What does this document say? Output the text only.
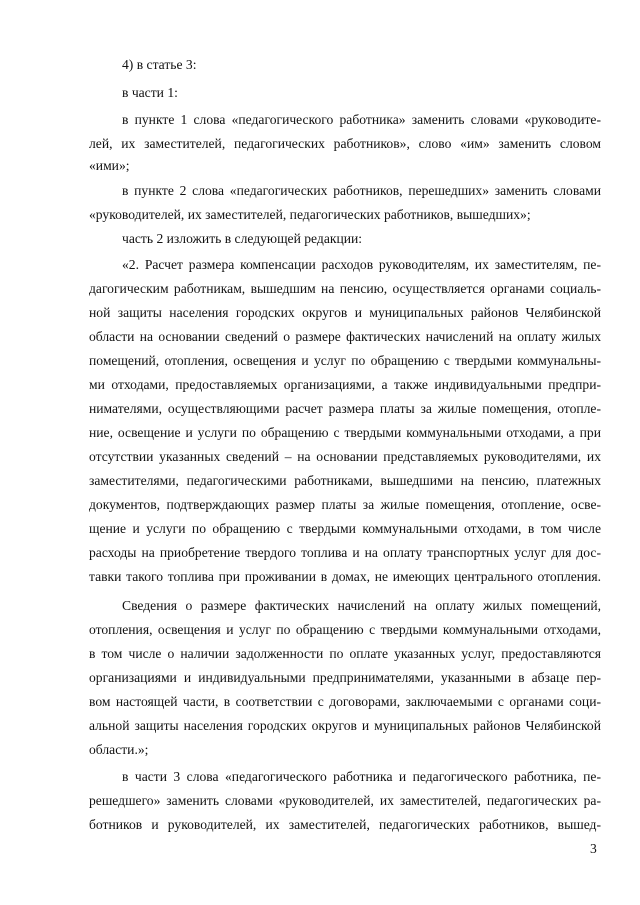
4) в статье 3:
в части 1:
в пункте 1 слова «педагогического работника» заменить словами «руководите-
лей, их заместителей, педагогических работников», слово «им» заменить словом
«ими»;
в пункте 2 слова «педагогических работников, перешедших» заменить словами
«руководителей, их заместителей, педагогических работников, вышедших»;
часть 2 изложить в следующей редакции:
«2. Расчет размера компенсации расходов руководителям, их заместителям, пе-
дагогическим работникам, вышедшим на пенсию, осуществляется органами социаль-
ной защиты населения городских округов и муниципальных районов Челябинской
области на основании сведений о размере фактических начислений на оплату жилых
помещений, отопления, освещения и услуг по обращению с твердыми коммунальны-
ми отходами, предоставляемых организациями, а также индивидуальными предпри-
нимателями, осуществляющими расчет размера платы за жилые помещения, отопле-
ние, освещение и услуги по обращению с твердыми коммунальными отходами, а при
отсутствии указанных сведений – на основании представляемых руководителями, их
заместителями, педагогическими работниками, вышедшими на пенсию, платежных
документов, подтверждающих размер платы за жилые помещения, отопление, осве-
щение и услуги по обращению с твердыми коммунальными отходами, в том числе
расходы на приобретение твердого топлива и на оплату транспортных услуг для дос-
тавки такого топлива при проживании в домах, не имеющих центрального отопления.
Сведения о размере фактических начислений на оплату жилых помещений,
отопления, освещения и услуг по обращению с твердыми коммунальными отходами,
в том числе о наличии задолженности по оплате указанных услуг, предоставляются
организациями и индивидуальными предпринимателями, указанными в абзаце пер-
вом настоящей части, в соответствии с договорами, заключаемыми с органами соци-
альной защиты населения городских округов и муниципальных районов Челябинской
области.»;
в части 3 слова «педагогического работника и педагогического работника, пе-
решедшего» заменить словами «руководителей, их заместителей, педагогических ра-
ботников и руководителей, их заместителей, педагогических работников, вышед-
3
